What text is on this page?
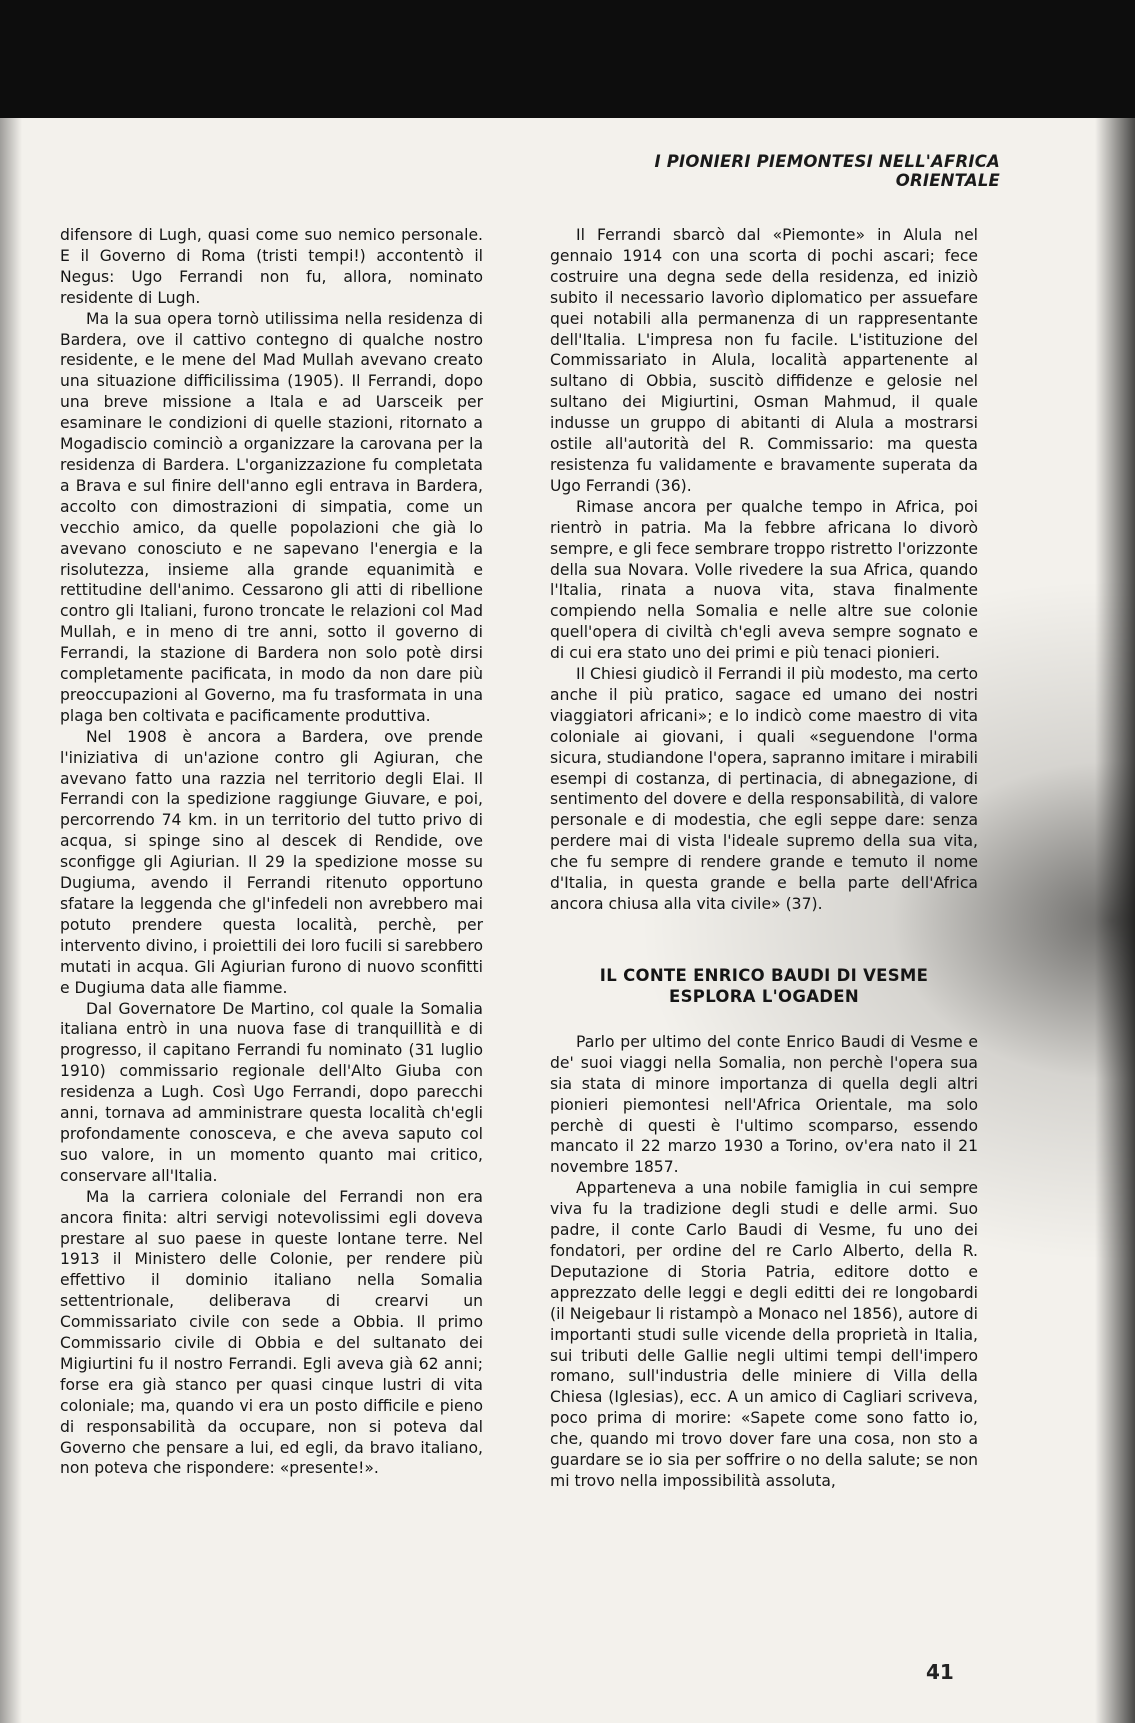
I PIONIERI PIEMONTESI NELL'AFRICA ORIENTALE

difensore di Lugh, quasi come suo nemico personale. E il Governo di Roma (tristi tempi!) accontentò il Negus: Ugo Ferrandi non fu, allora, nominato residente di Lugh.

Ma la sua opera tornò utilissima nella residenza di Bardera, ove il cattivo contegno di qualche nostro residente, e le mene del Mad Mullah avevano creato una situazione difficilissima (1905). Il Ferrandi, dopo una breve missione a Itala e ad Uarsceik per esaminare le condizioni di quelle stazioni, ritornato a Mogadiscio cominciò a organizzare la carovana per la residenza di Bardera. L'organizzazione fu completata a Brava e sul finire dell'anno egli entrava in Bardera, accolto con dimostrazioni di simpatia, come un vecchio amico, da quelle popolazioni che già lo avevano conosciuto e ne sapevano l'energia e la risolutezza, insieme alla grande equanimità e rettitudine dell'animo. Cessarono gli atti di ribellione contro gli Italiani, furono troncate le relazioni col Mad Mullah, e in meno di tre anni, sotto il governo di Ferrandi, la stazione di Bardera non solo potè dirsi completamente pacificata, in modo da non dare più preoccupazioni al Governo, ma fu trasformata in una plaga ben coltivata e pacificamente produttiva.

Nel 1908 è ancora a Bardera, ove prende l'iniziativa di un'azione contro gli Agiuran, che avevano fatto una razzia nel territorio degli Elai. Il Ferrandi con la spedizione raggiunge Giuvare, e poi, percorrendo 74 km. in un territorio del tutto privo di acqua, si spinge sino al descek di Rendide, ove sconfigge gli Agiurian. Il 29 la spedizione mosse su Dugiuma, avendo il Ferrandi ritenuto opportuno sfatare la leggenda che gl'infedeli non avrebbero mai potuto prendere questa località, perchè, per intervento divino, i proiettili dei loro fucili si sarebbero mutati in acqua. Gli Agiurian furono di nuovo sconfitti e Dugiuma data alle fiamme.

Dal Governatore De Martino, col quale la Somalia italiana entrò in una nuova fase di tranquillità e di progresso, il capitano Ferrandi fu nominato (31 luglio 1910) commissario regionale dell'Alto Giuba con residenza a Lugh. Così Ugo Ferrandi, dopo parecchi anni, tornava ad amministrare questa località ch'egli profondamente conosceva, e che aveva saputo col suo valore, in un momento quanto mai critico, conservare all'Italia.

Ma la carriera coloniale del Ferrandi non era ancora finita: altri servigi notevolissimi egli doveva prestare al suo paese in queste lontane terre. Nel 1913 il Ministero delle Colonie, per rendere più effettivo il dominio italiano nella Somalia settentrionale, deliberava di crearvi un Commissariato civile con sede a Obbia. Il primo Commissario civile di Obbia e del sultanato dei Migiurtini fu il nostro Ferrandi. Egli aveva già 62 anni; forse era già stanco per quasi cinque lustri di vita coloniale; ma, quando vi era un posto difficile e pieno di responsabilità da occupare, non si poteva dal Governo che pensare a lui, ed egli, da bravo italiano, non poteva che rispondere: «presente!».

Il Ferrandi sbarcò dal «Piemonte» in Alula nel gennaio 1914 con una scorta di pochi ascari; fece costruire una degna sede della residenza, ed iniziò subito il necessario lavorìo diplomatico per assuefare quei notabili alla permanenza di un rappresentante dell'Italia. L'impresa non fu facile. L'istituzione del Commissariato in Alula, località appartenente al sultano di Obbia, suscitò diffidenze e gelosie nel sultano dei Migiurtini, Osman Mahmud, il quale indusse un gruppo di abitanti di Alula a mostrarsi ostile all'autorità del R. Commissario: ma questa resistenza fu validamente e bravamente superata da Ugo Ferrandi (36).

Rimase ancora per qualche tempo in Africa, poi rientrò in patria. Ma la febbre africana lo divorò sempre, e gli fece sembrare troppo ristretto l'orizzonte della sua Novara. Volle rivedere la sua Africa, quando l'Italia, rinata a nuova vita, stava finalmente compiendo nella Somalia e nelle altre sue colonie quell'opera di civiltà ch'egli aveva sempre sognato e di cui era stato uno dei primi e più tenaci pionieri.

Il Chiesi giudicò il Ferrandi il più modesto, ma certo anche il più pratico, sagace ed umano dei nostri viaggiatori africani»; e lo indicò come maestro di vita coloniale ai giovani, i quali «seguendone l'orma sicura, studiandone l'opera, sapranno imitare i mirabili esempi di costanza, di pertinacia, di abnegazione, di sentimento del dovere e della responsabilità, di valore personale e di modestia, che egli seppe dare: senza perdere mai di vista l'ideale supremo della sua vita, che fu sempre di rendere grande e temuto il nome d'Italia, in questa grande e bella parte dell'Africa ancora chiusa alla vita civile» (37).

IL CONTE ENRICO BAUDI DI VESME
ESPLORA L'OGADEN

Parlo per ultimo del conte Enrico Baudi di Vesme e de' suoi viaggi nella Somalia, non perchè l'opera sua sia stata di minore importanza di quella degli altri pionieri piemontesi nell'Africa Orientale, ma solo perchè di questi è l'ultimo scomparso, essendo mancato il 22 marzo 1930 a Torino, ov'era nato il 21 novembre 1857.

Apparteneva a una nobile famiglia in cui sempre viva fu la tradizione degli studi e delle armi. Suo padre, il conte Carlo Baudi di Vesme, fu uno dei fondatori, per ordine del re Carlo Alberto, della R. Deputazione di Storia Patria, editore dotto e apprezzato delle leggi e degli editti dei re longobardi (il Neigebaur li ristampò a Monaco nel 1856), autore di importanti studi sulle vicende della proprietà in Italia, sui tributi delle Gallie negli ultimi tempi dell'impero romano, sull'industria delle miniere di Villa della Chiesa (Iglesias), ecc. A un amico di Cagliari scriveva, poco prima di morire: «Sapete come sono fatto io, che, quando mi trovo dover fare una cosa, non sto a guardare se io sia per soffrire o no della salute; se non mi trovo nella impossibilità assoluta,

41
